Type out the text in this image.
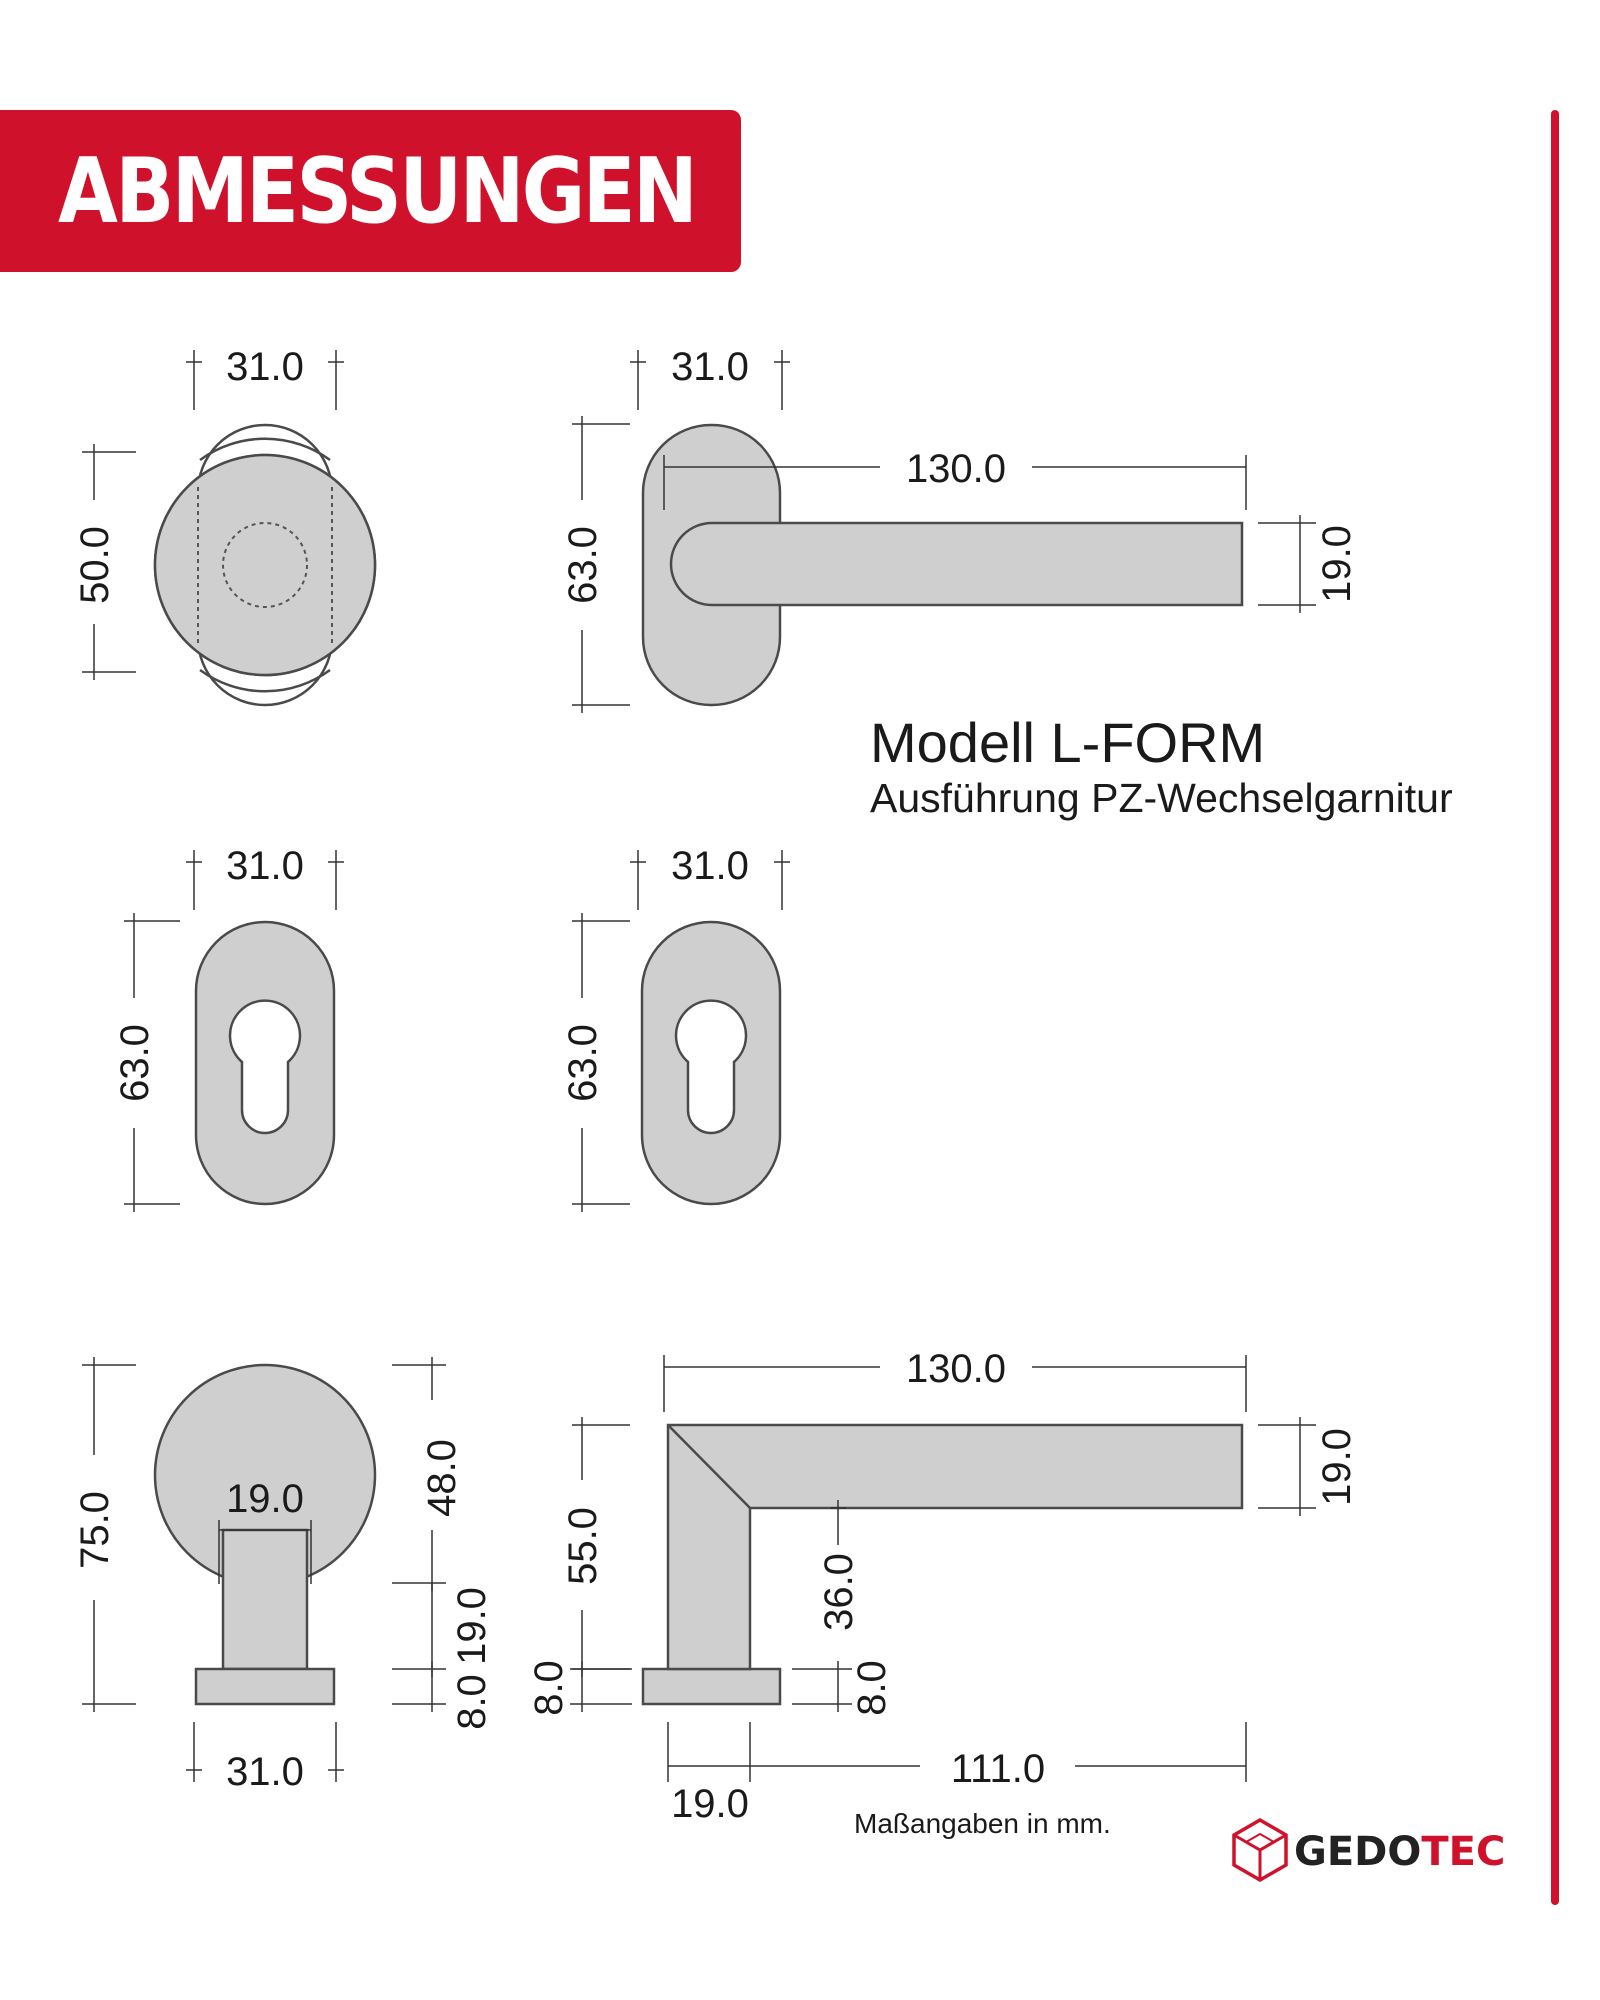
ABMESSUNGEN
31.0
50.0
31.0
63.0
130.0
19.0
Modell L-FORM
Ausführung PZ-Wechselgarnitur
31.0
63.0
31.0
63.0
75.0	19.0	48.0
19.0
8.0
31.0
130.0
19.0
55.0
36.0
8.0	8.0
19.0
111.0
Maßangaben in mm.
GEDOTEC
